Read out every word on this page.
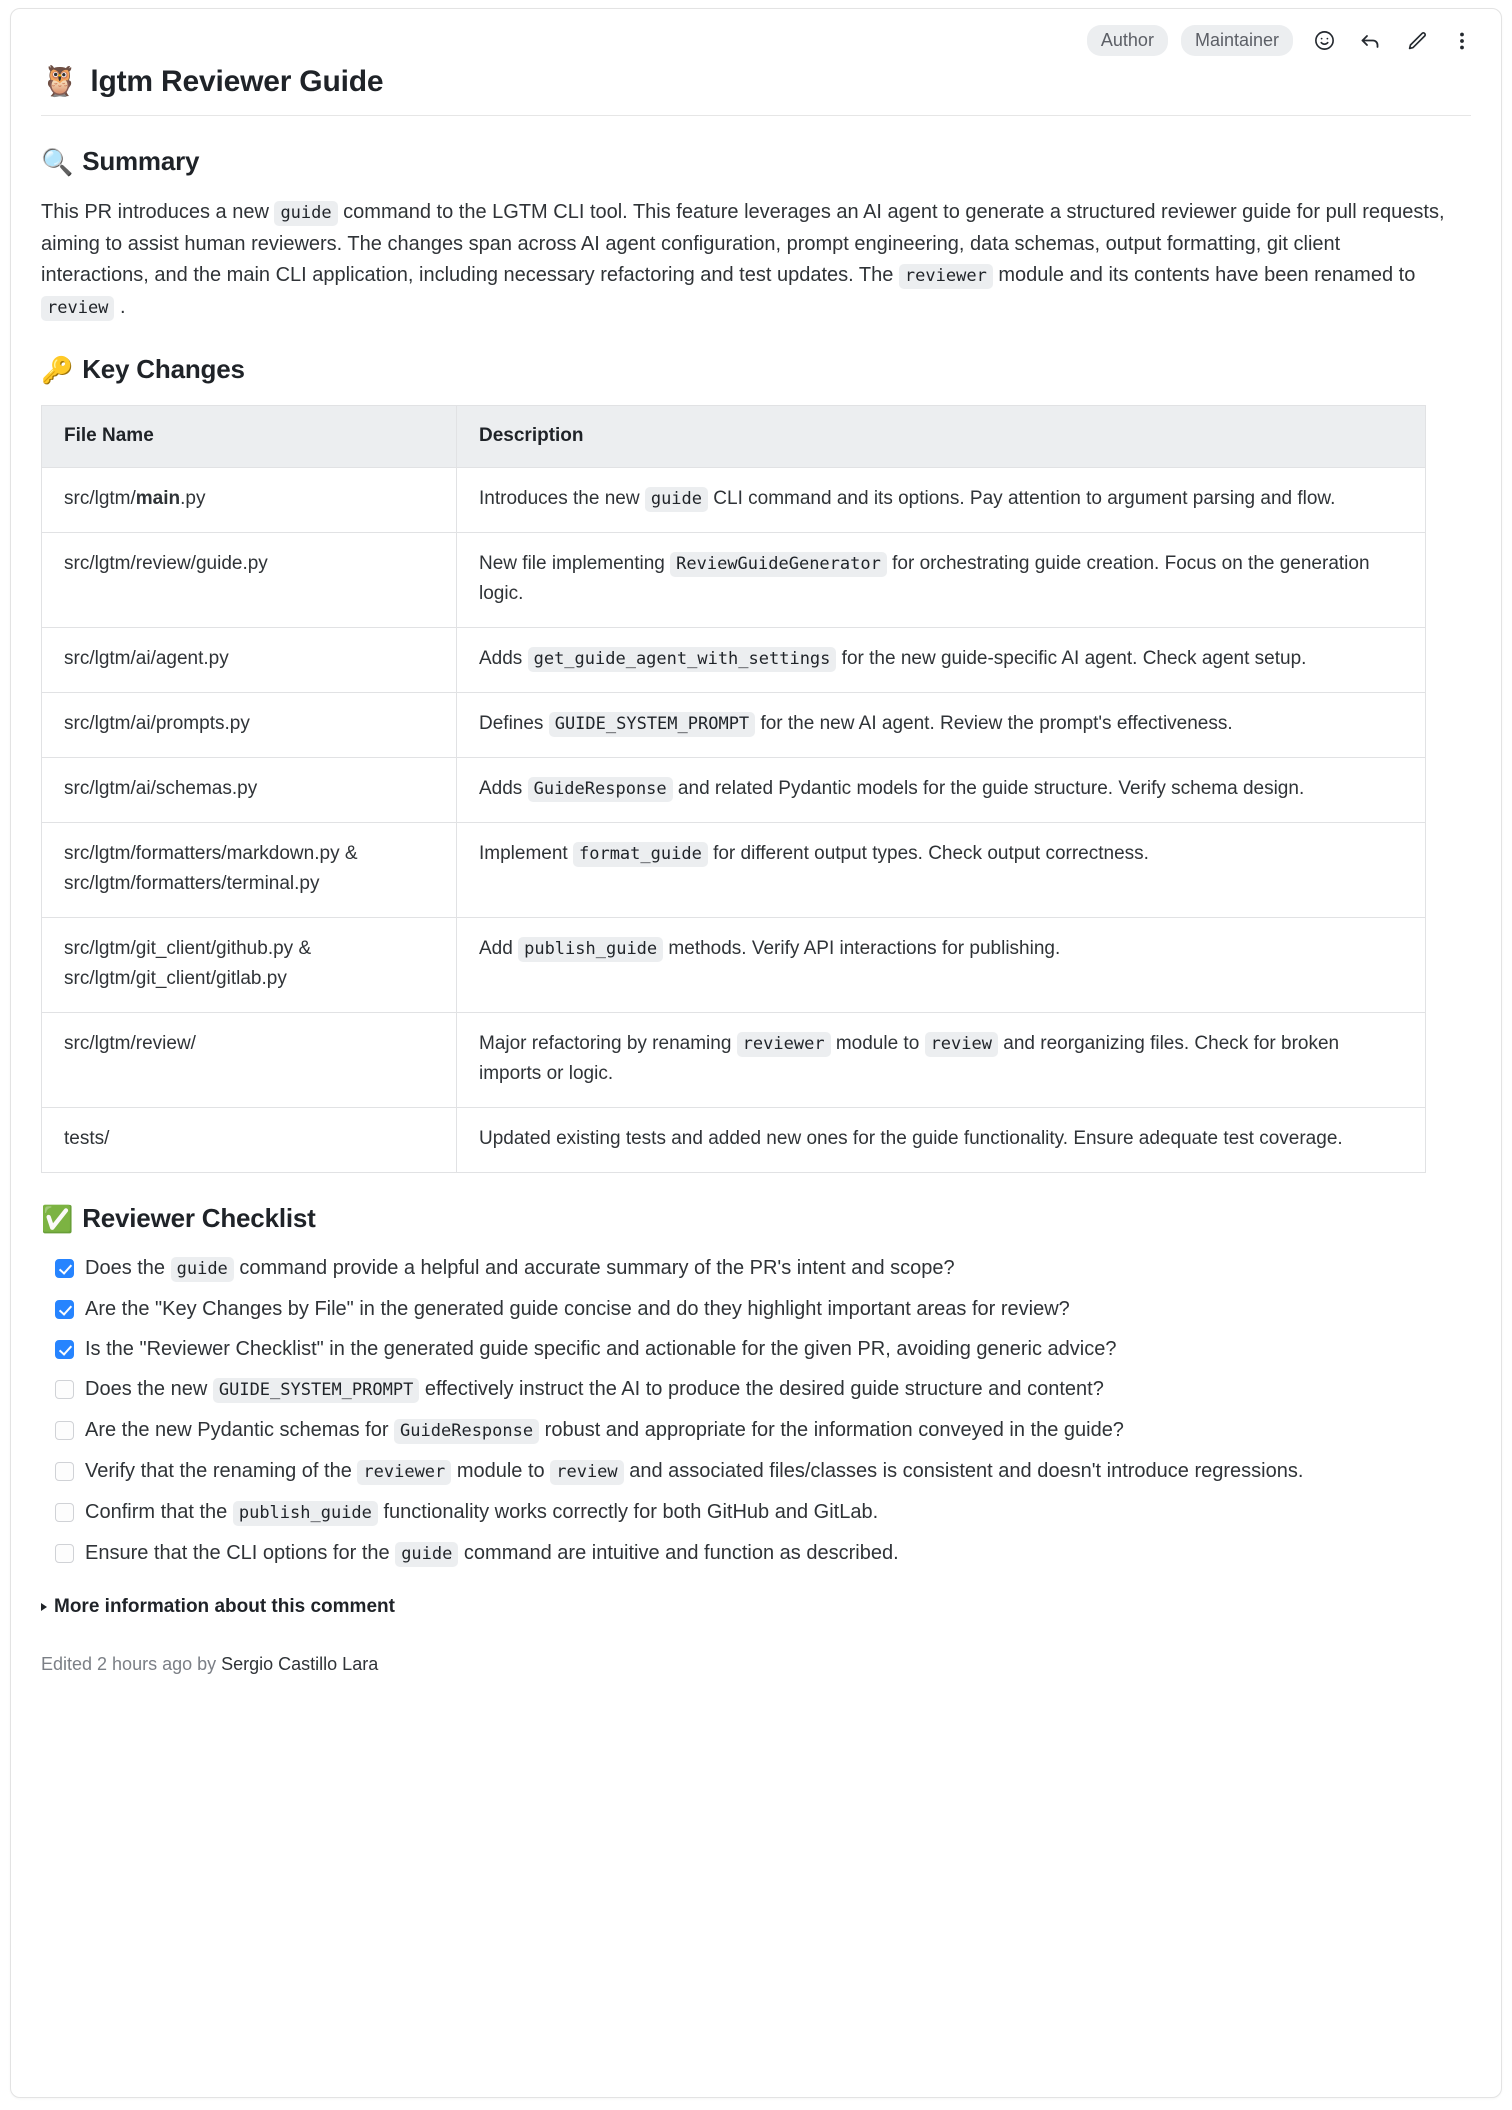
Author	Maintainer
🦉 lgtm Reviewer Guide
🔍 Summary

This PR introduces a new guide command to the LGTM CLI tool. This feature leverages an AI agent to generate a structured reviewer guide for pull requests, aiming to assist human reviewers. The changes span across AI agent configuration, prompt engineering, data schemas, output formatting, git client interactions, and the main CLI application, including necessary refactoring and test updates. The reviewer module and its contents have been renamed to review .

🔑 Key Changes
File Name	Description
src/lgtm/main.py	Introduces the new guide CLI command and its options. Pay attention to argument parsing and flow.
src/lgtm/review/guide.py	New file implementing ReviewGuideGenerator for orchestrating guide creation. Focus on the generation logic.
src/lgtm/ai/agent.py	Adds get_guide_agent_with_settings for the new guide-specific AI agent. Check agent setup.
src/lgtm/ai/prompts.py	Defines GUIDE_SYSTEM_PROMPT for the new AI agent. Review the prompt's effectiveness.
src/lgtm/ai/schemas.py	Adds GuideResponse and related Pydantic models for the guide structure. Verify schema design.
src/lgtm/formatters/markdown.py & src/lgtm/formatters/terminal.py	Implement format_guide for different output types. Check output correctness.
src/lgtm/git_client/github.py & src/lgtm/git_client/gitlab.py	Add publish_guide methods. Verify API interactions for publishing.
src/lgtm/review/	Major refactoring by renaming reviewer module to review and reorganizing files. Check for broken imports or logic.
tests/	Updated existing tests and added new ones for the guide functionality. Ensure adequate test coverage.
✅ Reviewer Checklist
Does the guide command provide a helpful and accurate summary of the PR's intent and scope?
Are the "Key Changes by File" in the generated guide concise and do they highlight important areas for review?
Is the "Reviewer Checklist" in the generated guide specific and actionable for the given PR, avoiding generic advice?
Does the new GUIDE_SYSTEM_PROMPT effectively instruct the AI to produce the desired guide structure and content?
Are the new Pydantic schemas for GuideResponse robust and appropriate for the information conveyed in the guide?
Verify that the renaming of the reviewer module to review and associated files/classes is consistent and doesn't introduce regressions.
Confirm that the publish_guide functionality works correctly for both GitHub and GitLab.
Ensure that the CLI options for the guide command are intuitive and function as described.
More information about this comment
Edited 2 hours ago by Sergio Castillo Lara
